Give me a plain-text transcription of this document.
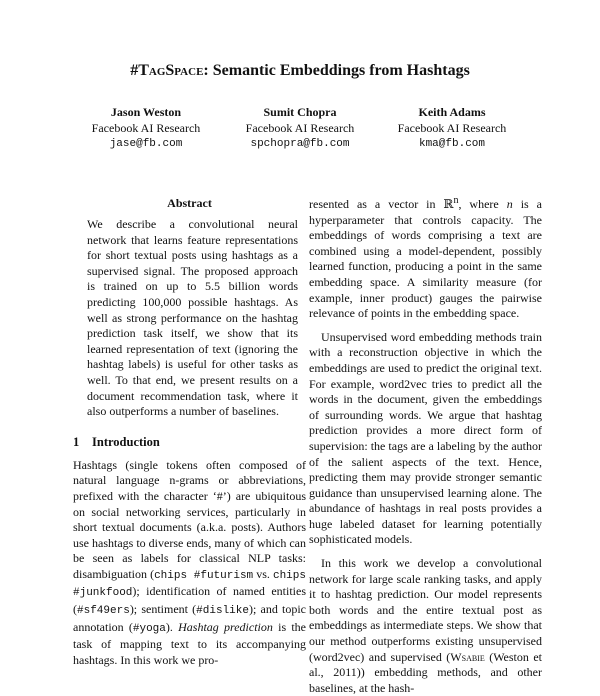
#TagSpace: Semantic Embeddings from Hashtags
Jason Weston
Facebook AI Research
jase@fb.com
Sumit Chopra
Facebook AI Research
spchopra@fb.com
Keith Adams
Facebook AI Research
kma@fb.com
Abstract

We describe a convolutional neural network that learns feature representations for short textual posts using hashtags as a supervised signal. The proposed approach is trained on up to 5.5 billion words predicting 100,000 possible hashtags. As well as strong performance on the hashtag prediction task itself, we show that its learned representation of text (ignoring the hashtag labels) is useful for other tasks as well. To that end, we present results on a document recommendation task, where it also outperforms a number of baselines.

1 Introduction

Hashtags (single tokens often composed of natural language n-grams or abbreviations, prefixed with the character ‘#’) are ubiquitous on social networking services, particularly in short textual documents (a.k.a. posts). Authors use hashtags to diverse ends, many of which can be seen as labels for classical NLP tasks: disambiguation (chips #futurism vs. chips #junkfood); identification of named entities (#sf49ers); sentiment (#dislike); and topic annotation (#yoga). Hashtag prediction is the task of mapping text to its accompanying hashtags. In this work we pro-

resented as a vector in ℝ$^n$, where n is a hyperparameter that controls capacity. The embeddings of words comprising a text are combined using a model-dependent, possibly learned function, producing a point in the same embedding space. A similarity measure (for example, inner product) gauges the pairwise relevance of points in the embedding space.

Unsupervised word embedding methods train with a reconstruction objective in which the embeddings are used to predict the original text. For example, word2vec tries to predict all the words in the document, given the embeddings of surrounding words. We argue that hashtag prediction provides a more direct form of supervision: the tags are a labeling by the author of the salient aspects of the text. Hence, predicting them may provide stronger semantic guidance than unsupervised learning alone. The abundance of hashtags in real posts provides a huge labeled dataset for learning potentially sophisticated models.

In this work we develop a convolutional network for large scale ranking tasks, and apply it to hashtag prediction. Our model represents both words and the entire textual post as embeddings as intermediate steps. We show that our method outperforms existing unsupervised (word2vec) and supervised (Wsabie (Weston et al., 2011)) embedding methods, and other baselines, at the hash-
